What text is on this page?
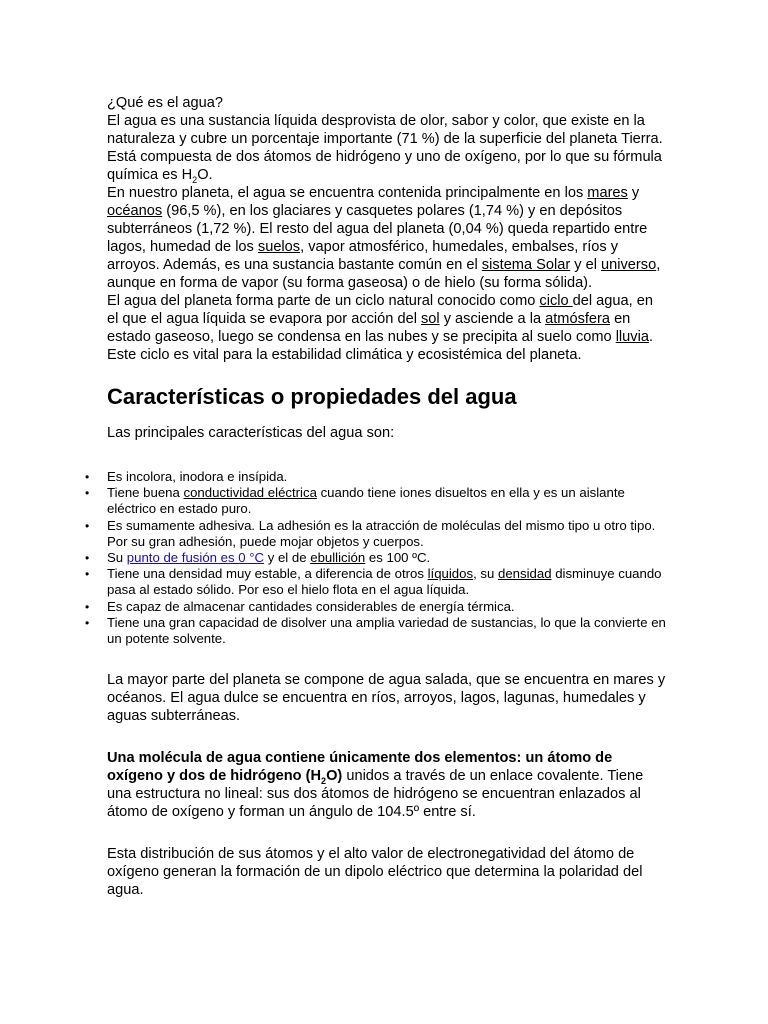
¿Qué es el agua?

El agua es una sustancia líquida desprovista de olor, sabor y color, que existe en la naturaleza y cubre un porcentaje importante (71 %) de la superficie del planeta Tierra. Está compuesta de dos átomos de hidrógeno y uno de oxígeno, por lo que su fórmula química es $H_2O$.

En nuestro planeta, el agua se encuentra contenida principalmente en los mares y océanos (96,5 %), en los glaciares y casquetes polares (1,74 %) y en depósitos subterráneos (1,72 %). El resto del agua del planeta (0,04 %) queda repartido entre lagos, humedad de los suelos, vapor atmosférico, humedales, embalses, ríos y arroyos. Además, es una sustancia bastante común en el sistema Solar y el universo, aunque en forma de vapor (su forma gaseosa) o de hielo (su forma sólida).

El agua del planeta forma parte de un ciclo natural conocido como ciclo del agua, en el que el agua líquida se evapora por acción del sol y asciende a la atmósfera en estado gaseoso, luego se condensa en las nubes y se precipita al suelo como lluvia. Este ciclo es vital para la estabilidad climática y ecosistémica del planeta.

Características o propiedades del agua

Las principales características del agua son:

• Es incolora, inodora e insípida.
• Tiene buena conductividad eléctrica cuando tiene iones disueltos en ella y es un aislante eléctrico en estado puro.
• Es sumamente adhesiva. La adhesión es la atracción de moléculas del mismo tipo u otro tipo. Por su gran adhesión, puede mojar objetos y cuerpos.
• Su punto de fusión es 0 °C y el de ebullición es 100 ºC.
• Tiene una densidad muy estable, a diferencia de otros líquidos, su densidad disminuye cuando pasa al estado sólido. Por eso el hielo flota en el agua líquida.
• Es capaz de almacenar cantidades considerables de energía térmica.
• Tiene una gran capacidad de disolver una amplia variedad de sustancias, lo que la convierte en un potente solvente.

La mayor parte del planeta se compone de agua salada, que se encuentra en mares y océanos. El agua dulce se encuentra en ríos, arroyos, lagos, lagunas, humedales y aguas subterráneas.

Una molécula de agua contiene únicamente dos elementos: un átomo de oxígeno y dos de hidrógeno $(H_2O)$ unidos a través de un enlace covalente. Tiene una estructura no lineal: sus dos átomos de hidrógeno se encuentran enlazados al átomo de oxígeno y forman un ángulo de 104.5º entre sí.

Esta distribución de sus átomos y el alto valor de electronegatividad del átomo de oxígeno generan la formación de un dipolo eléctrico que determina la polaridad del agua.
